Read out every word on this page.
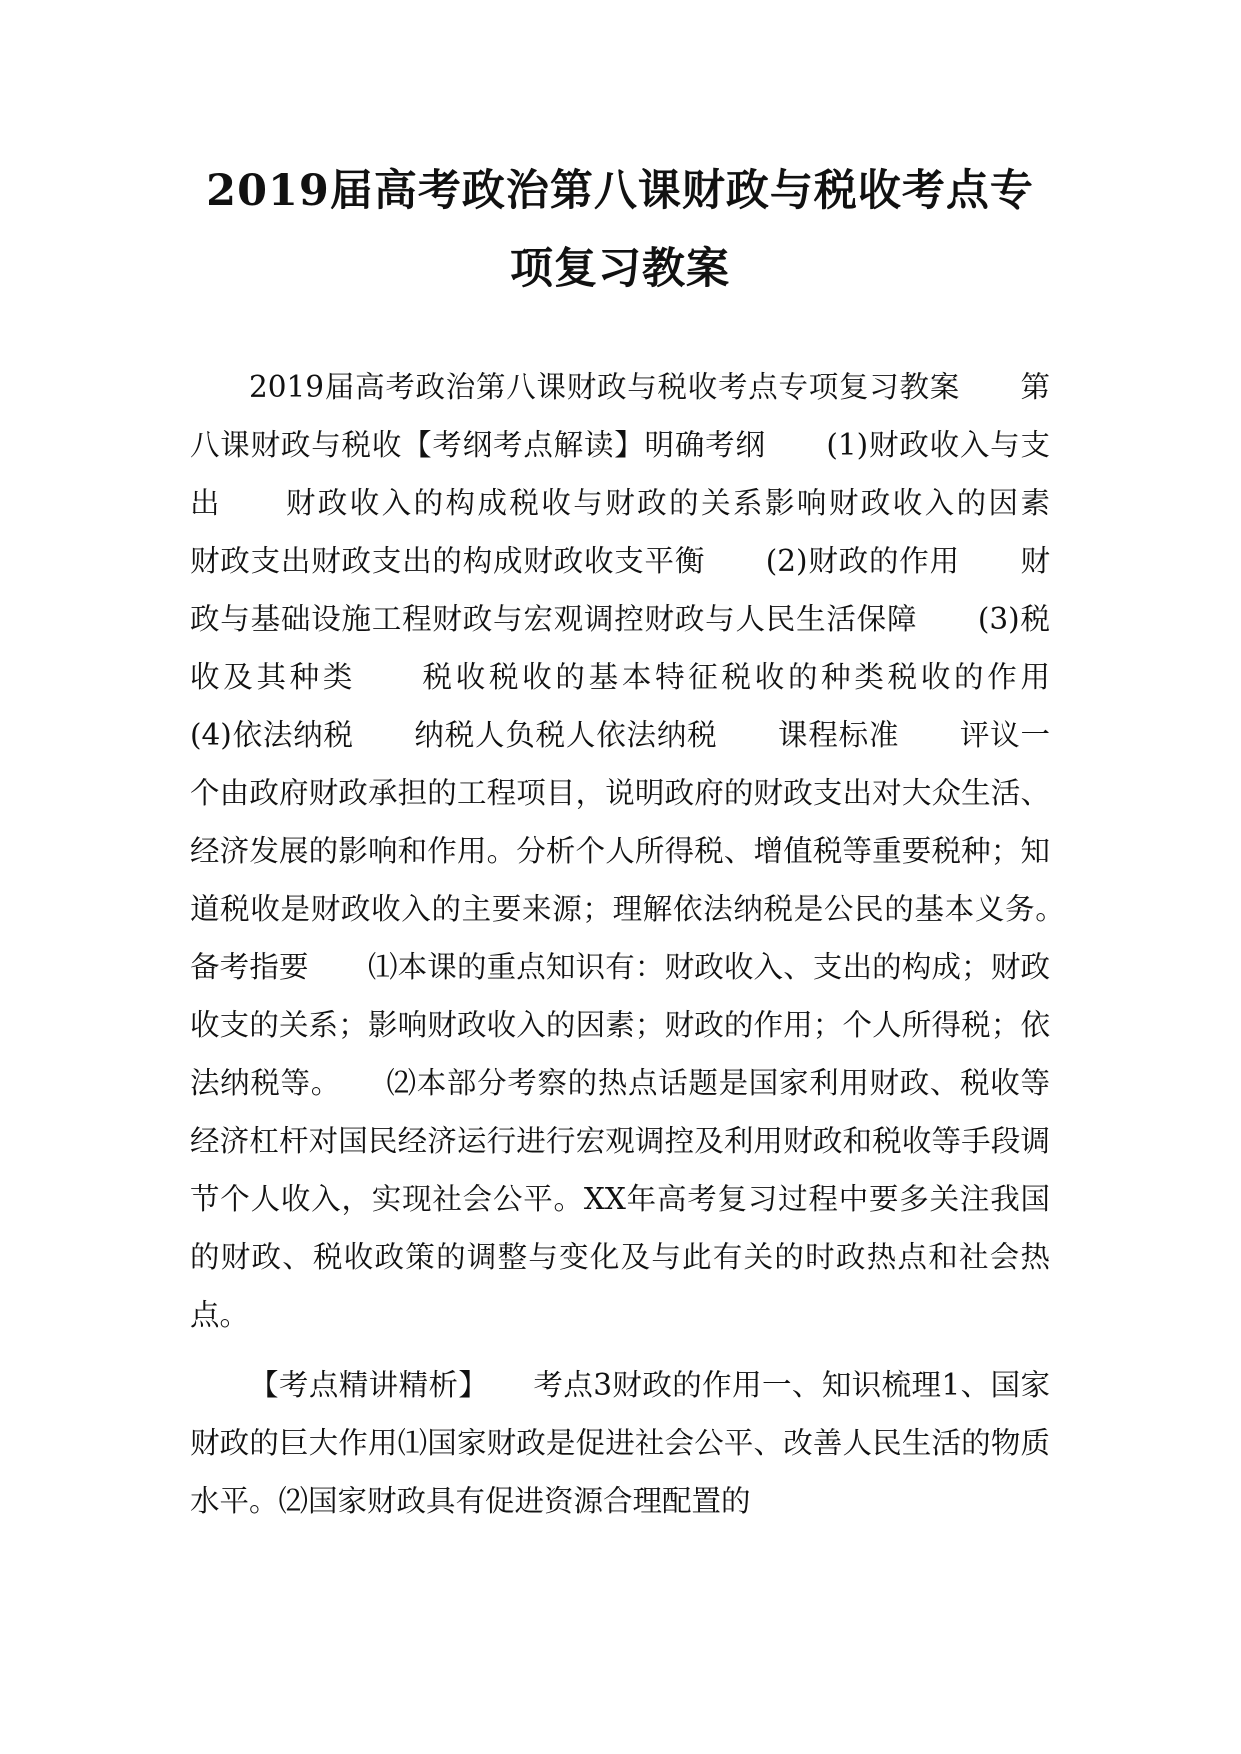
2019届高考政治第八课财政与税收考点专项复习教案

2019届高考政治第八课财政与税收考点专项复习教案　　第八课财政与税收【考纲考点解读】明确考纲　　(1)财政收入与支出　　财政收入的构成税收与财政的关系影响财政收入的因素　　财政支出财政支出的构成财政收支平衡　　(2)财政的作用　　财政与基础设施工程财政与宏观调控财政与人民生活保障　　(3)税收及其种类　　税收税收的基本特征税收的种类税收的作用　　(4)依法纳税　　纳税人负税人依法纳税　　课程标准　　评议一个由政府财政承担的工程项目，说明政府的财政支出对大众生活、经济发展的影响和作用。分析个人所得税、增值税等重要税种；知道税收是财政收入的主要来源；理解依法纳税是公民的基本义务。　　备考指要　　⑴本课的重点知识有：财政收入、支出的构成；财政收支的关系；影响财政收入的因素；财政的作用；个人所得税；依法纳税等。　　⑵本部分考察的热点话题是国家利用财政、税收等经济杠杆对国民经济运行进行宏观调控及利用财政和税收等手段调节个人收入，实现社会公平。XX年高考复习过程中要多关注我国的财政、税收政策的调整与变化及与此有关的时政热点和社会热点。

【考点精讲精析】　　考点3财政的作用一、知识梳理1、国家财政的巨大作用⑴国家财政是促进社会公平、改善人民生活的物质水平。⑵国家财政具有促进资源合理配置的
